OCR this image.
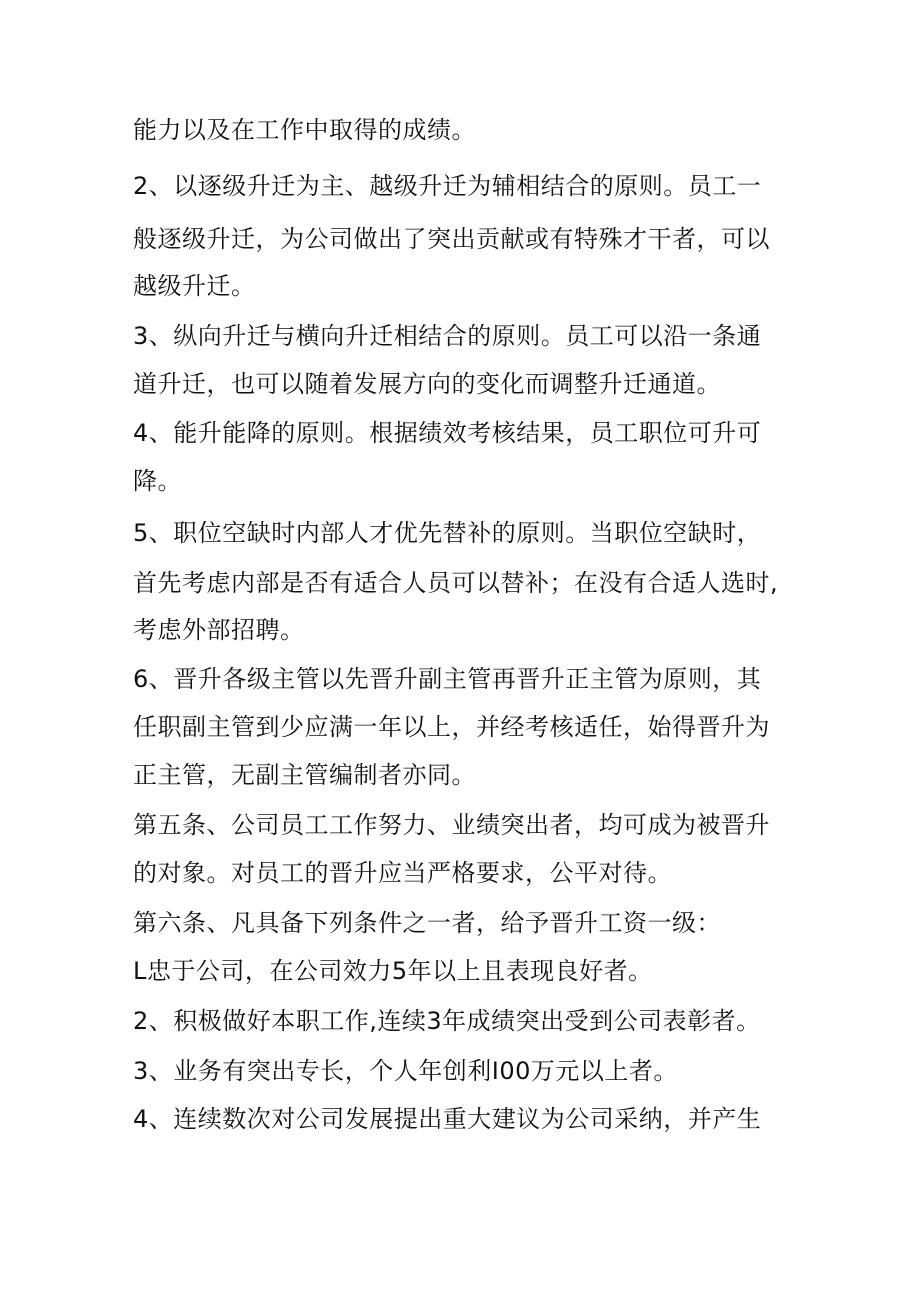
能力以及在工作中取得的成绩。

2、以逐级升迁为主、越级升迁为辅相结合的原则。员工一

般逐级升迁，为公司做出了突出贡献或有特殊才干者，可以

越级升迁。

3、纵向升迁与横向升迁相结合的原则。员工可以沿一条通

道升迁，也可以随着发展方向的变化而调整升迁通道。

4、能升能降的原则。根据绩效考核结果，员工职位可升可

降。

5、职位空缺时内部人才优先替补的原则。当职位空缺时，

首先考虑内部是否有适合人员可以替补；在没有合适人选时,

考虑外部招聘。

6、晋升各级主管以先晋升副主管再晋升正主管为原则，其

任职副主管到少应满一年以上，并经考核适任，始得晋升为

正主管，无副主管编制者亦同。

第五条、公司员工工作努力、业绩突出者，均可成为被晋升

的对象。对员工的晋升应当严格要求，公平对待。

第六条、凡具备下列条件之一者，给予晋升工资一级：

L忠于公司，在公司效力5年以上且表现良好者。

2、积极做好本职工作,连续3年成绩突出受到公司表彰者。

3、业务有突出专长，个人年创利I00万元以上者。

4、连续数次对公司发展提出重大建议为公司采纳，并产生
